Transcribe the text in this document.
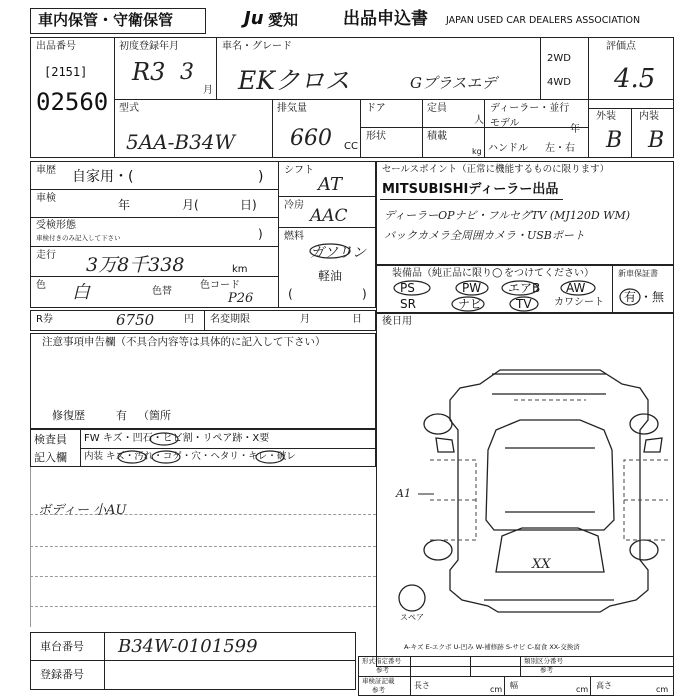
車内保管・守衛保管	Ju 愛知	出品申込書 JAPAN USED CAR DEALERS ASSOCIATION
出品番号
[2151]
02560
初度登録年月
R3 3
月
車名・グレード
EKクロス	Gプラスエデ
2WD
4WD
評価点
4.5
外装 内装
B B
型式
5AA-B34W
排気量
660 CC
ドア	定員
人
形状	積載
kg
ディーラー・並行
モデル
年
ハンドル 左・右
車歴 自家用・(	)
車検	年	月(	日)
受検形態
車検付きのみ記入して下さい	)
走行 3万8千338	km
色 白	色替
色コード
P26
シフト
AT
冷房
AAC
燃料
ガソリン
軽油
)	)
セールスポイント（正常に機能するものに限ります）
MITSUBISHIディーラー出品
ディーラーOPナビ・フルセグTV (MJ120D WM)
バックカメラ全周囲カメラ・USBポート
装備品（純正品に限り ○ をつけてください）
PS	PW エアB AW
SR	ナビ	TV カワシート
新車保証書
有 ・無
R券	6750	円 名変期限	月	日 後日用
注意事項申告欄（不具合内容等は具体的に記入して下さい）
修復歴	有 （箇所
検査員
記入欄
FW キズ・凹石・ヒビ割・リペア跡・X要
内装 キズ・汚れ・コゲ・穴・ヘタリ・キレ・破レ
ボディー 小AU
A1
XX
スペア
A-キズ E-エクボ U-凹み W-補修跡 S-サビ C-腐食 XX-交換済
車台番号 B34W-0101599
登録番号
形式指定番号
参考
類別区分番号
参考
車検証記載
参考	長さ	cm 幅	cm 高さ	cm
